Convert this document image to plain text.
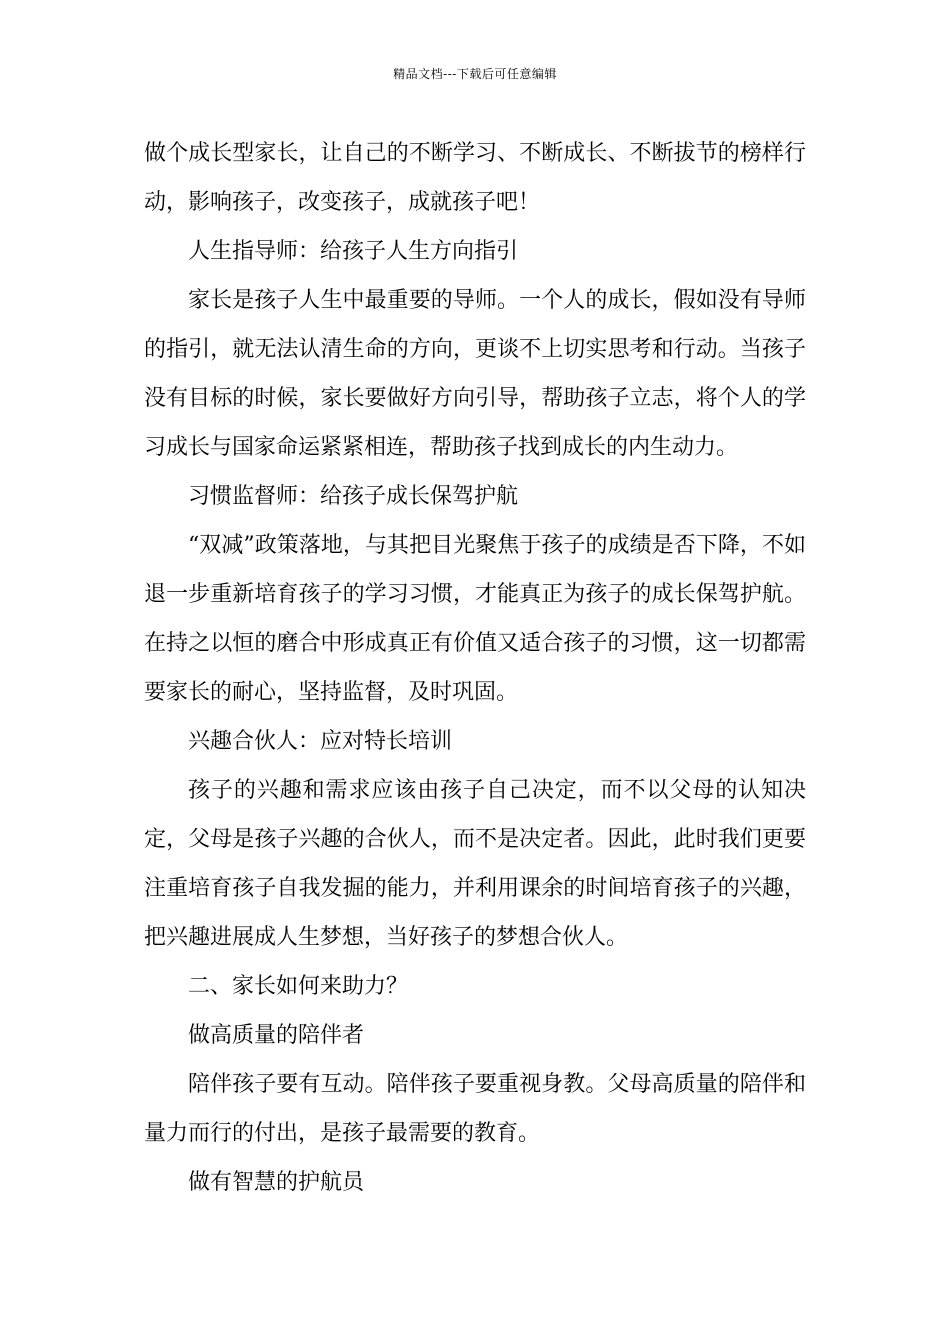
精品文档---下载后可任意编辑

做个成长型家长，让自己的不断学习、不断成长、不断拔节的榜样行动，影响孩子，改变孩子，成就孩子吧！

人生指导师：给孩子人生方向指引

家长是孩子人生中最重要的导师。一个人的成长，假如没有导师的指引，就无法认清生命的方向，更谈不上切实思考和行动。当孩子没有目标的时候，家长要做好方向引导，帮助孩子立志，将个人的学习成长与国家命运紧紧相连，帮助孩子找到成长的内生动力。

习惯监督师：给孩子成长保驾护航

“双减”政策落地，与其把目光聚焦于孩子的成绩是否下降，不如退一步重新培育孩子的学习习惯，才能真正为孩子的成长保驾护航。在持之以恒的磨合中形成真正有价值又适合孩子的习惯，这一切都需要家长的耐心，坚持监督，及时巩固。

兴趣合伙人：应对特长培训

孩子的兴趣和需求应该由孩子自己决定，而不以父母的认知决定，父母是孩子兴趣的合伙人，而不是决定者。因此，此时我们更要注重培育孩子自我发掘的能力，并利用课余的时间培育孩子的兴趣，把兴趣进展成人生梦想，当好孩子的梦想合伙人。

二、家长如何来助力？

做高质量的陪伴者

陪伴孩子要有互动。陪伴孩子要重视身教。父母高质量的陪伴和量力而行的付出，是孩子最需要的教育。

做有智慧的护航员
